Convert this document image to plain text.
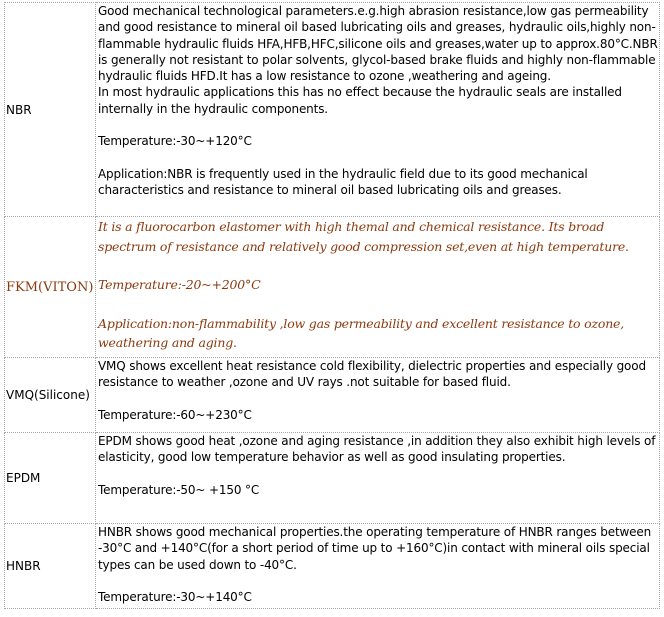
NBR	Good mechanical technological parameters.e.g.high abrasion resistance,low gas permeability and good resistance to mineral oil based lubricating oils and greases, hydraulic oils,highly non-flammable hydraulic fluids HFA,HFB,HFC,silicone oils and greases,water up to approx.80°C.NBR is generally not resistant to polar solvents, glycol-based brake fluids and highly non-flammable hydraulic fluids HFD.It has a low resistance to ozone ,weathering and ageing.

In most hydraulic applications this has no effect because the hydraulic seals are installed internally in the hydraulic components.

Temperature:-30~+120°C

Application:NBR is frequently used in the hydraulic field due to its good mechanical characteristics and resistance to mineral oil based lubricating oils and greases.

FKM(VITON)	It is a fluorocarbon elastomer with high themal and chemical resistance. Its broad spectrum of resistance and relatively good compression set,even at high temperature.

Temperature:-20~+200°C

Application:non-flammability ,low gas permeability and excellent resistance to ozone, weathering and aging.

VMQ(Silicone)	VMQ shows excellent heat resistance cold flexibility, dielectric properties and especially good resistance to weather ,ozone and UV rays .not suitable for based fluid.

Temperature:-60~+230°C

EPDM	EPDM shows good heat ,ozone and aging resistance ,in addition they also exhibit high levels of elasticity, good low temperature behavior as well as good insulating properties.

Temperature:-50~ +150 °C

HNBR	HNBR shows good mechanical properties.the operating temperature of HNBR ranges between -30°C and +140°C(for a short period of time up to +160°C)in contact with mineral oils special types can be used down to -40°C.

Temperature:-30~+140°C
